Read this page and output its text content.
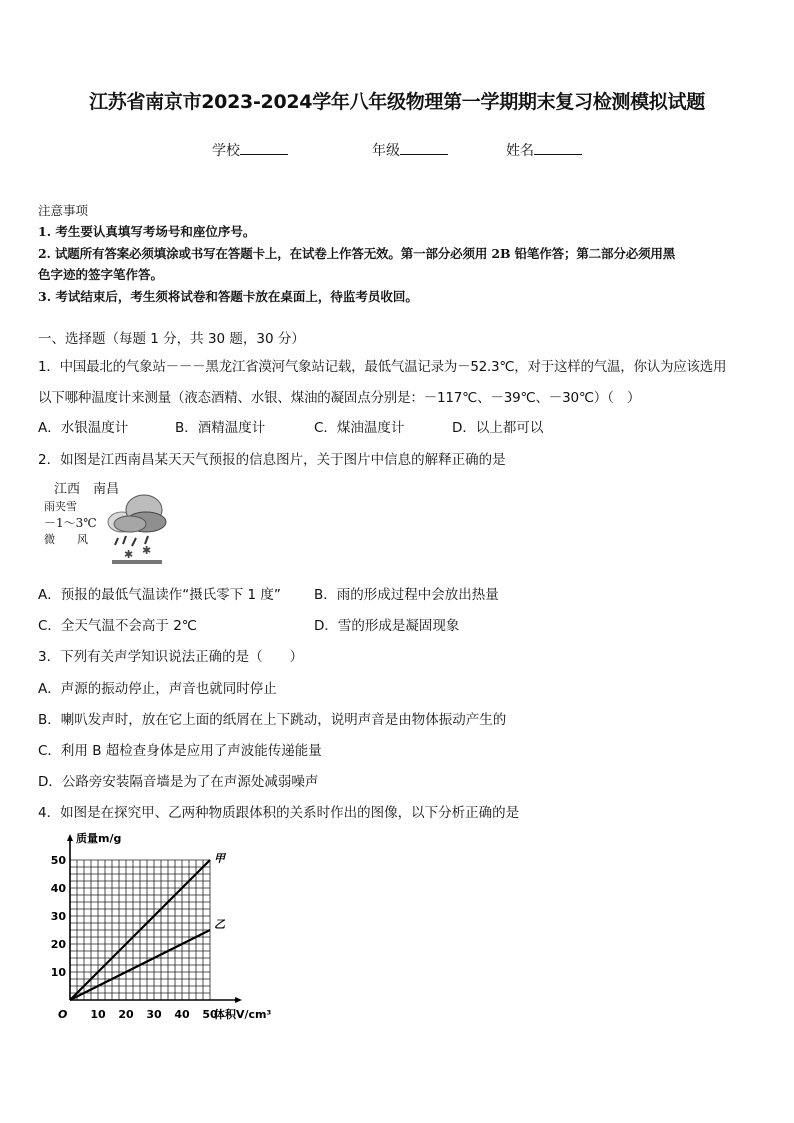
江苏省南京市2023-2024学年八年级物理第一学期期末复习检测模拟试题
学校	年级	姓名
注意事项
1. 考生要认真填写考场号和座位序号。
2. 试题所有答案必须填涂或书写在答题卡上，在试卷上作答无效。第一部分必须用 2B 铅笔作答；第二部分必须用黑
色字迹的签字笔作答。
3. 考试结束后，考生须将试卷和答题卡放在桌面上，待监考员收回。
一、选择题（每题 1 分，共 30 题，30 分）
1．中国最北的气象站－－－黑龙江省漠河气象站记载，最低气温记录为－52.3℃，对于这样的气温，你认为应该选用
以下哪种温度计来测量（液态酒精、水银、煤油的凝固点分别是：－117℃、－39℃、－30℃）（　）
A．水银温度计	B．酒精温度计	C．煤油温度计	D．以上都可以
2．如图是江西南昌某天天气预报的信息图片，关于图片中信息的解释正确的是
江西　南昌
雨夹雪
－1～3℃
微　　风
✱ ✱
A．预报的最低气温读作“摄氏零下 1 度” B．雨的形成过程中会放出热量
C．全天气温不会高于 2℃	D．雪的形成是凝固现象
3．下列有关声学知识说法正确的是（　　）
A．声源的振动停止，声音也就同时停止
B．喇叭发声时，放在它上面的纸屑在上下跳动，说明声音是由物体振动产生的
C．利用 B 超检查身体是应用了声波能传递能量
D．公路旁安装隔音墙是为了在声源处减弱噪声
4．如图是在探究甲、乙两种物质跟体积的关系时作出的图像，以下分析正确的是
10 20 30 40 50
10
20
30
40
50
O
质量m/g
体积V/cm³
甲
乙
